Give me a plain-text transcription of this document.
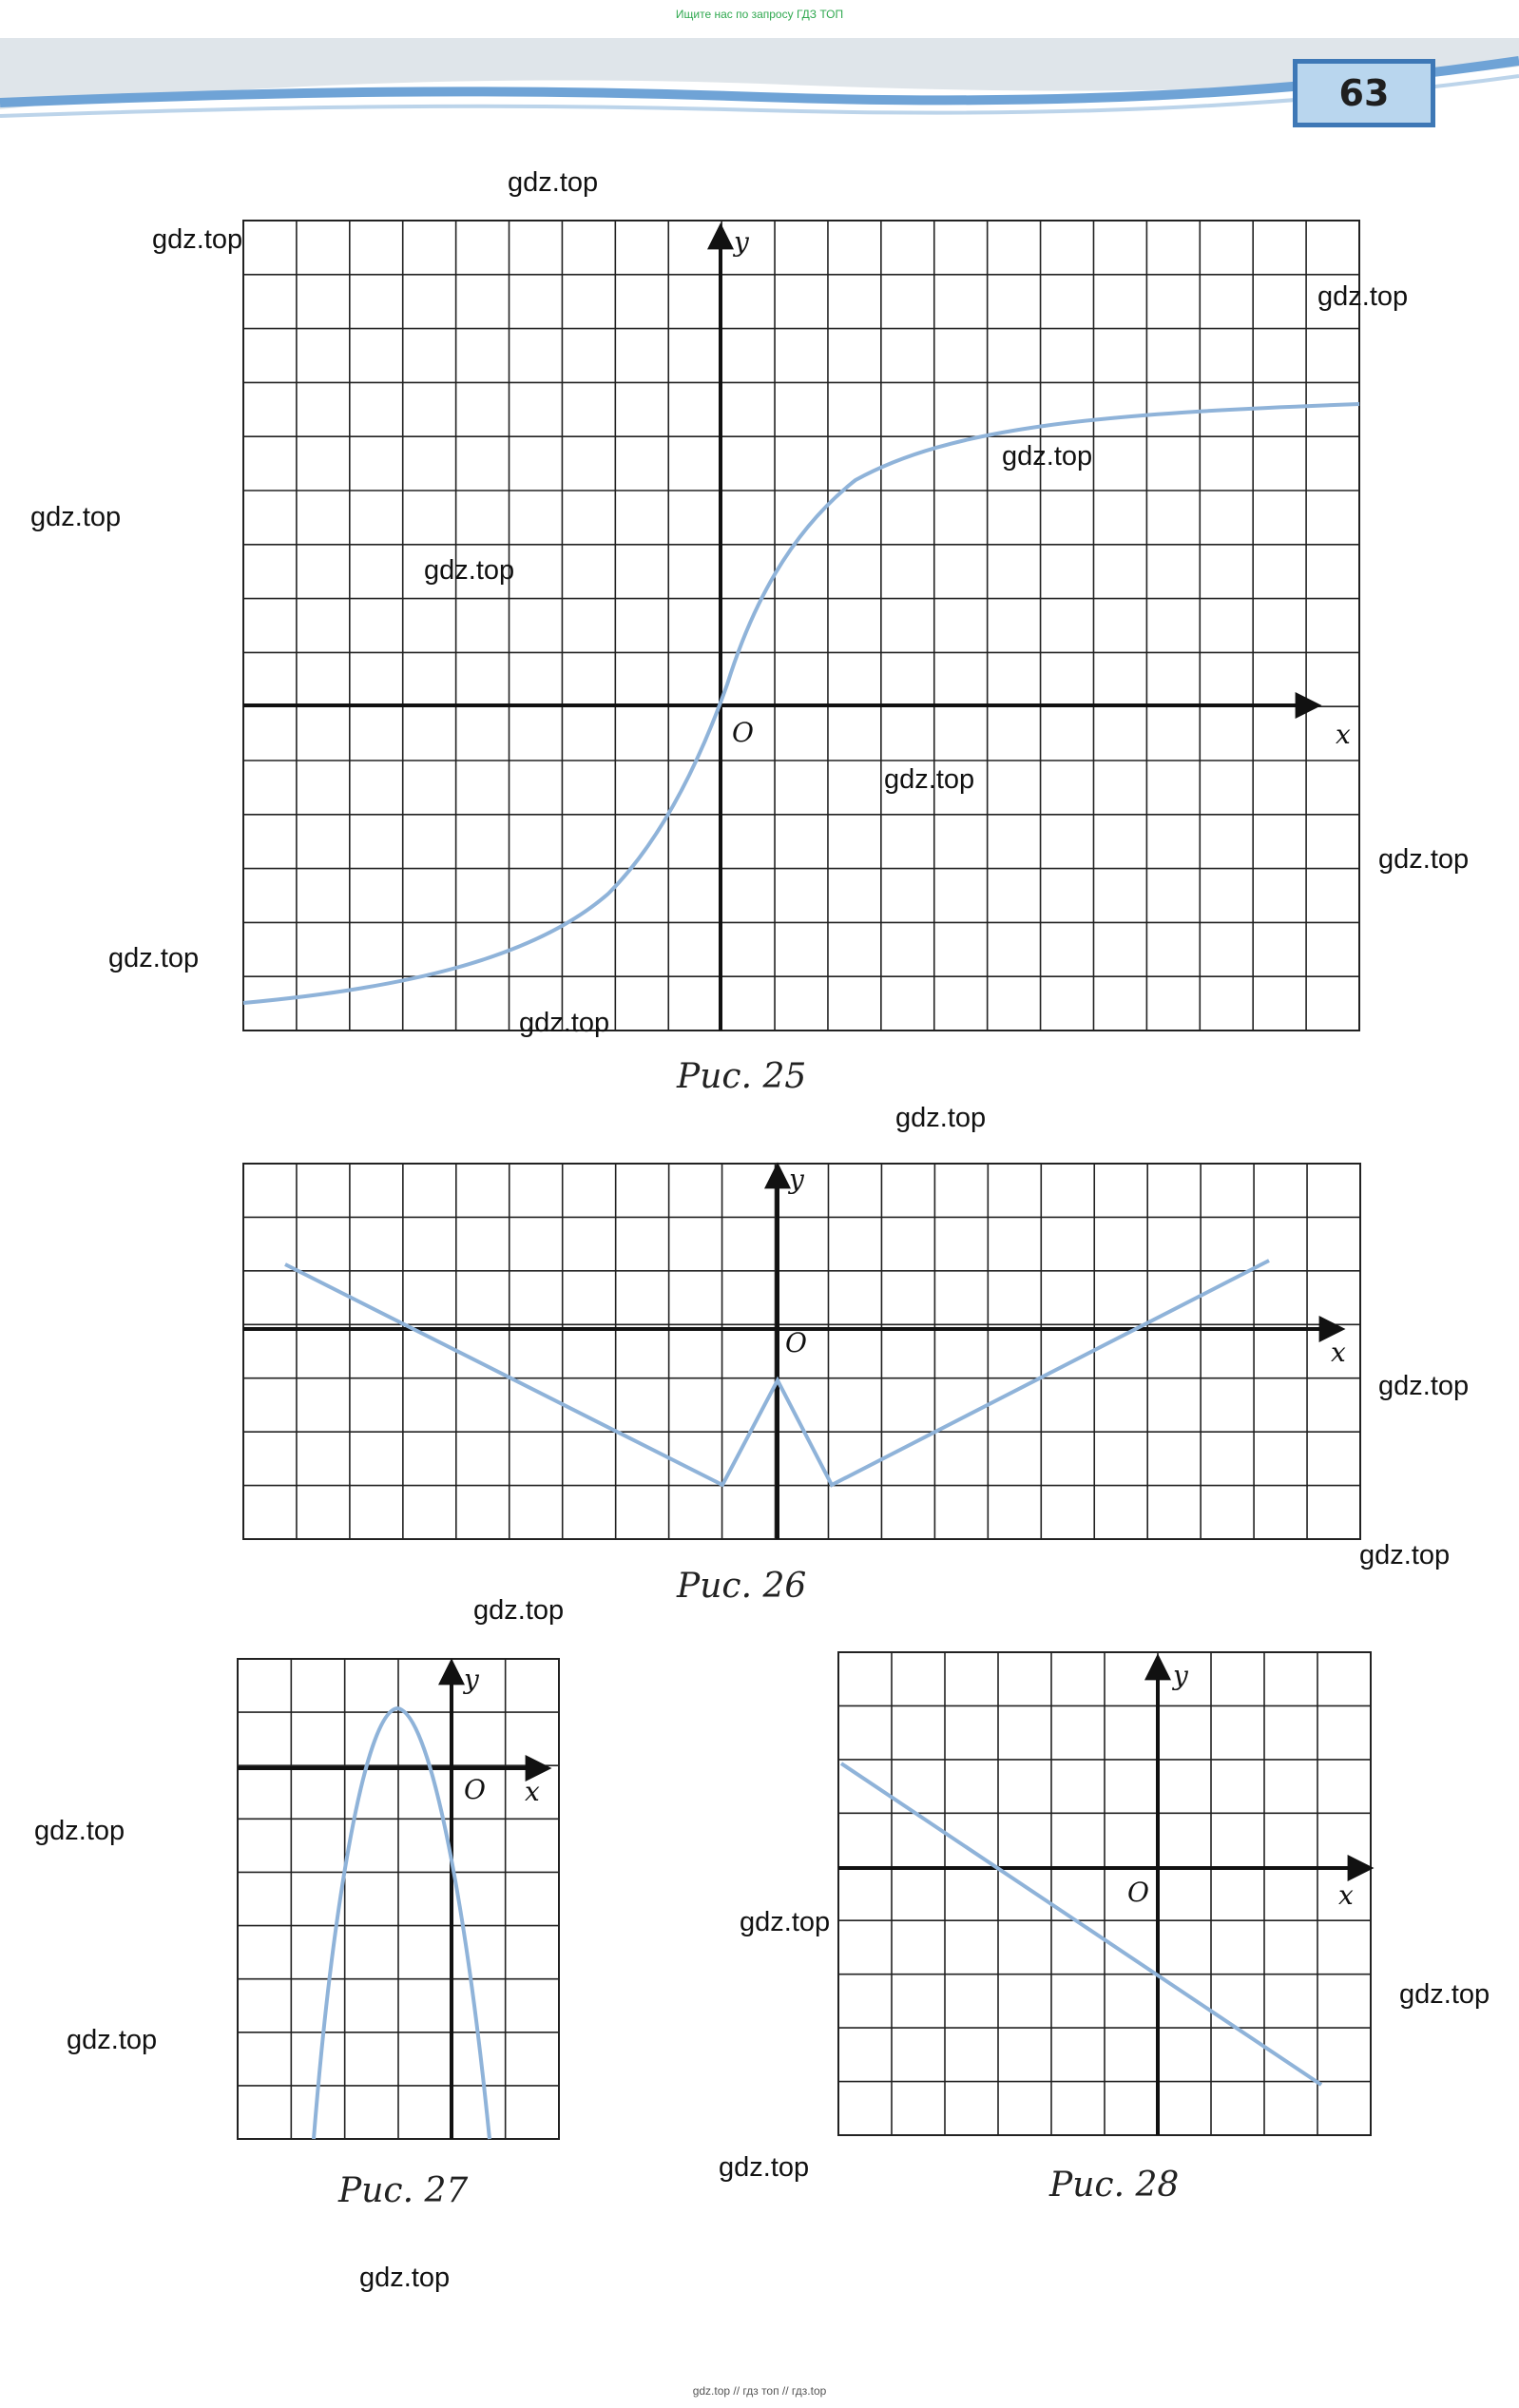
Ищите нас по запросу ГДЗ ТОП
63
x
y
O
x
y
O
x
y
O
x
y
O
Рис. 25
Рис. 26
Рис. 27	Рис. 28
gdz.top
gdz.top
gdz.top
gdz.top
gdz.top
gdz.top
gdz.top
gdz.top
gdz.top
gdz.top
gdz.top
gdz.top
gdz.top
gdz.top
gdz.top
gdz.top
gdz.top
gdz.top
gdz.top
gdz.top
gdz.top // гдз топ // гдз.top
